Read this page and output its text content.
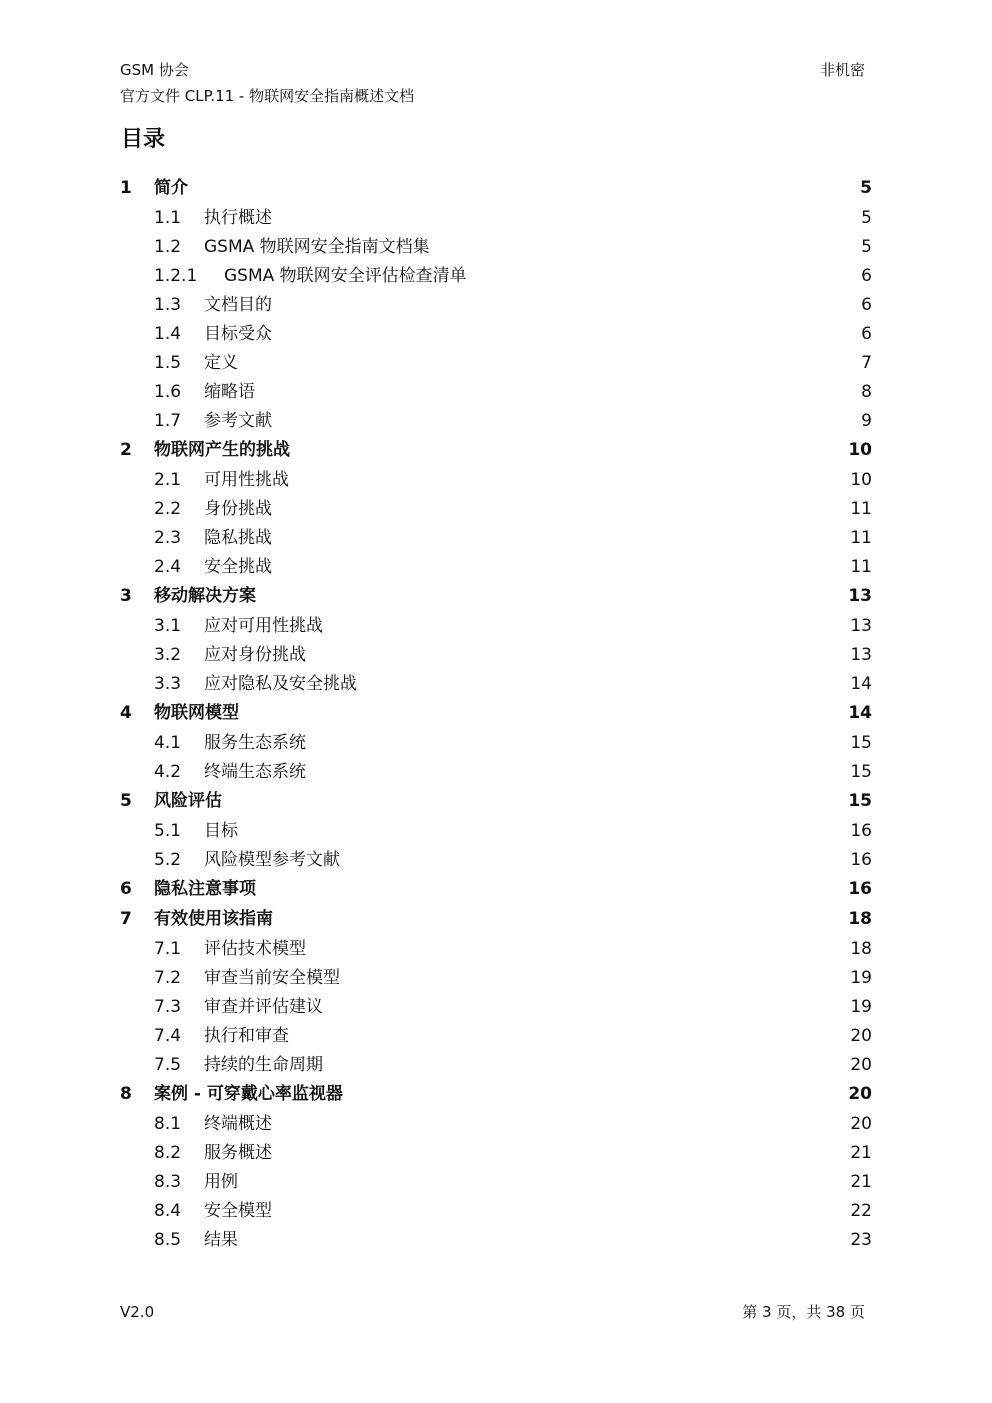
GSM 协会
官方文件 CLP.11 - 物联网安全指南概述文档
非机密
目录
1 简介	5
1.1 执行概述	5
1.2 GSMA 物联网安全指南文档集	5
1.2.1 GSMA 物联网安全评估检查清单	6
1.3 文档目的	6
1.4 目标受众	6
1.5 定义	7
1.6 缩略语	8
1.7 参考文献	9
2 物联网产生的挑战	10
2.1 可用性挑战	10
2.2 身份挑战	11
2.3 隐私挑战	11
2.4 安全挑战	11
3 移动解决方案	13
3.1 应对可用性挑战	13
3.2 应对身份挑战	13
3.3 应对隐私及安全挑战	14
4 物联网模型	14
4.1 服务生态系统	15
4.2 终端生态系统	15
5 风险评估	15
5.1 目标	16
5.2 风险模型参考文献	16
6 隐私注意事项	16
7 有效使用该指南	18
7.1 评估技术模型	18
7.2 审查当前安全模型	19
7.3 审查并评估建议	19
7.4 执行和审查	20
7.5 持续的生命周期	20
8 案例 - 可穿戴心率监视器	20
8.1 终端概述	20
8.2 服务概述	21
8.3 用例	21
8.4 安全模型	22
8.5 结果	23
V2.0	第 3 页，共 38 页
